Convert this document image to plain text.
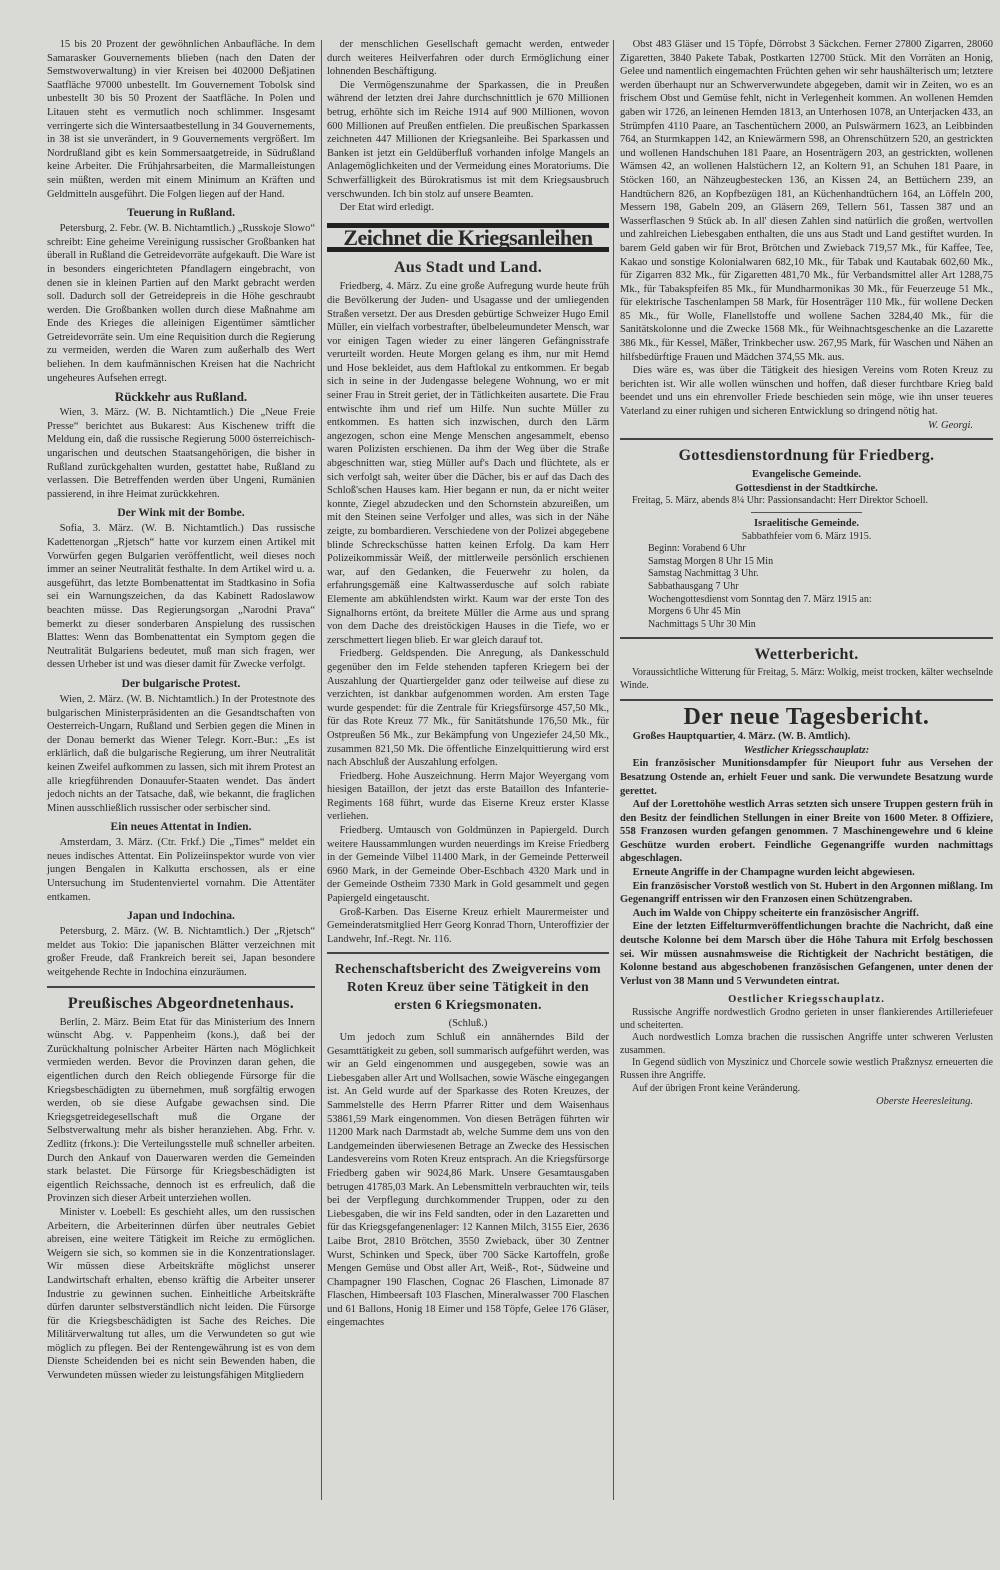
15 bis 20 Prozent der gewöhnlichen Anbaufläche. In dem Samarasker Gouvernements blieben (nach den Daten der Semstwoverwaltung) in vier Kreisen bei 402000 Deßjatinen Saatfläche 97000 unbestellt. Im Gouvernement Tobolsk sind unbestellt 30 bis 50 Prozent der Saatfläche. In Polen und Litauen steht es vermutlich noch schlimmer. Insgesamt verringerte sich die Wintersaatbestellung in 34 Gouvernements, in 38 ist sie unverändert, in 9 Gouvernements vergrößert. Im Nordrußland gibt es kein Sommersaatgetreide, in Südrußland keine Arbeiter. Die Frühjahrsarbeiten, die Marmalleistungen sein müßten, werden mit einem Minimum an Kräften und Geldmitteln ausgeführt. Die Folgen liegen auf der Hand.

Teuerung in Rußland.

Petersburg, 2. Febr. (W. B. Nichtamtlich.) „Russkoje Slowo“ schreibt: Eine geheime Vereinigung russischer Großbanken hat überall in Rußland die Getreidevorräte aufgekauft. Die Ware ist in besonders eingerichteten Pfandlagern eingebracht, von denen sie in kleinen Partien auf den Markt gebracht werden soll. Dadurch soll der Getreidepreis in die Höhe geschraubt werden. Die Großbanken wollen durch diese Maßnahme am Ende des Krieges die alleinigen Eigentümer sämtlicher Getreidevorräte sein. Um eine Requisition durch die Regierung zu vermeiden, werden die Waren zum außerhalb des Wert beliehen. In dem kaufmännischen Kreisen hat die Nachricht ungeheures Aufsehen erregt.

Rückkehr aus Rußland.

Wien, 3. März. (W. B. Nichtamtlich.) Die „Neue Freie Presse“ berichtet aus Bukarest: Aus Kischenew trifft die Meldung ein, daß die russische Regierung 5000 österreichisch-ungarischen und deutschen Staatsangehörigen, die bisher in Rußland zurückgehalten wurden, gestattet habe, Rußland zu verlassen. Die Betreffenden werden über Ungeni, Rumänien passierend, in ihre Heimat zurückkehren.

Der Wink mit der Bombe.

Sofia, 3. März. (W. B. Nichtamtlich.) Das russische Kadettenorgan „Rjetsch“ hatte vor kurzem einen Artikel mit Vorwürfen gegen Bulgarien veröffentlicht, weil dieses noch immer an seiner Neutralität festhalte. In dem Artikel wird u. a. ausgeführt, das letzte Bombenattentat im Stadtkasino in Sofia sei ein Warnungszeichen, da das Kabinett Radoslawow beachten müsse. Das Regierungsorgan „Narodni Prava“ bemerkt zu dieser sonderbaren Anspielung des russischen Blattes: Wenn das Bombenattentat ein Symptom gegen die Neutralität Bulgariens bedeutet, muß man sich fragen, wer dessen Urheber ist und was dieser damit für Zwecke verfolgt.

Der bulgarische Protest.

Wien, 2. März. (W. B. Nichtamtlich.) In der Protestnote des bulgarischen Ministerpräsidenten an die Gesandtschaften von Oesterreich-Ungarn, Rußland und Serbien gegen die Minen in der Donau bemerkt das Wiener Telegr. Korr.-Bur.: „Es ist erklärlich, daß die bulgarische Regierung, um ihrer Neutralität keinen Zweifel aufkommen zu lassen, sich mit ihrem Protest an alle kriegführenden Donauufer-Staaten wendet. Das ändert jedoch nichts an der Tatsache, daß, wie bekannt, die fraglichen Minen ausschließlich russischer oder serbischer sind.

Ein neues Attentat in Indien.

Amsterdam, 3. März. (Ctr. Frkf.) Die „Times“ meldet ein neues indisches Attentat. Ein Polizeiinspektor wurde von vier jungen Bengalen in Kalkutta erschossen, als er eine Untersuchung im Studentenviertel vornahm. Die Attentäter entkamen.

Japan und Indochina.

Petersburg, 2. März. (W. B. Nichtamtlich.) Der „Rjetsch“ meldet aus Tokio: Die japanischen Blätter verzeichnen mit großer Freude, daß Frankreich bereit sei, Japan besondere weitgehende Rechte in Indochina einzuräumen.

Preußisches Abgeordnetenhaus.

Berlin, 2. März. Beim Etat für das Ministerium des Innern wünscht Abg. v. Pappenheim (kons.), daß bei der Zurückhaltung polnischer Arbeiter Härten nach Möglichkeit vermieden werden. Bevor die Provinzen daran gehen, die eigentlichen durch den Reich obliegende Fürsorge für die Kriegsbeschädigten zu übernehmen, muß sorgfältig erwogen werden, ob sie diese Aufgabe gewachsen sind. Die Kriegsgetreidegesellschaft muß die Organe der Selbstverwaltung mehr als bisher heranziehen. Abg. Frhr. v. Zedlitz (frkons.): Die Verteilungsstelle muß schneller arbeiten. Durch den Ankauf von Dauerwaren werden die Gemeinden stark belastet. Die Fürsorge für Kriegsbeschädigten ist eigentlich Reichssache, dennoch ist es erfreulich, daß die Provinzen sich dieser Arbeit unterziehen wollen.

Minister v. Loebell: Es geschieht alles, um den russischen Arbeitern, die Arbeiterinnen dürfen über neutrales Gebiet abreisen, eine weitere Tätigkeit im Reiche zu ermöglichen. Weigern sie sich, so kommen sie in die Konzentrationslager. Wir müssen diese Arbeitskräfte möglichst unserer Landwirtschaft erhalten, ebenso kräftig die Arbeiter unserer Industrie zu gewinnen suchen. Einheitliche Arbeitskräfte dürfen darunter selbstverständlich nicht leiden. Die Fürsorge für die Kriegsbeschädigten ist Sache des Reiches. Die Militärverwaltung tut alles, um die Verwundeten so gut wie möglich zu pflegen. Bei der Rentengewährung ist es von dem Dienste Scheidenden bei es nicht sein Bewenden haben, die Verwundeten müssen wieder zu leistungsfähigen Mitgliedern

der menschlichen Gesellschaft gemacht werden, entweder durch weiteres Heilverfahren oder durch Ermöglichung einer lohnenden Beschäftigung.

Die Vermögenszunahme der Sparkassen, die in Preußen während der letzten drei Jahre durchschnittlich je 670 Millionen betrug, erhöhte sich im Reiche 1914 auf 900 Millionen, wovon 600 Millionen auf Preußen entfielen. Die preußischen Sparkassen zeichneten 447 Millionen der Kriegsanleihe. Bei Sparkassen und Banken ist jetzt ein Geldüberfluß vorhanden infolge Mangels an Anlagemöglichkeiten und der Vermeidung eines Moratoriums. Die Schwerfälligkeit des Bürokratismus ist mit dem Kriegsausbruch verschwunden. Ich bin stolz auf unsere Beamten.

Der Etat wird erledigt.

Zeichnet die Kriegsanleihen
Aus Stadt und Land.

Friedberg, 4. März. Zu eine große Aufregung wurde heute früh die Bevölkerung der Juden- und Usagasse und der umliegenden Straßen versetzt. Der aus Dresden gebürtige Schweizer Hugo Emil Müller, ein vielfach vorbestrafter, übelbeleumundeter Mensch, war vor einigen Tagen wieder zu einer längeren Gefängnisstrafe verurteilt worden. Heute Morgen gelang es ihm, nur mit Hemd und Hose bekleidet, aus dem Haftlokal zu entkommen. Er begab sich in seine in der Judengasse belegene Wohnung, wo er mit seiner Frau in Streit geriet, der in Tätlichkeiten ausartete. Die Frau entwischte ihm und rief um Hilfe. Nun suchte Müller zu entkommen. Es hatten sich inzwischen, durch den Lärm angezogen, schon eine Menge Menschen angesammelt, ebenso waren Polizisten erschienen. Da ihm der Weg über die Straße abgeschnitten war, stieg Müller auf's Dach und flüchtete, als er sich verfolgt sah, weiter über die Dächer, bis er auf das Dach des Schloß'schen Hauses kam. Hier begann er nun, da er nicht weiter konnte, Ziegel abzudecken und den Schornstein abzureißen, um mit den Steinen seine Verfolger und alles, was sich in der Nähe zeigte, zu bombardieren. Verschiedene von der Polizei abgegebene blinde Schreckschüsse hatten keinen Erfolg. Da kam Herr Polizeikommissär Weiß, der mittlerweile persönlich erschienen war, auf den Gedanken, die Feuerwehr zu holen, da erfahrungsgemäß eine Kaltwasserdusche auf solch rabiate Elemente am abkühlendsten wirkt. Kaum war der erste Ton des Signalhorns ertönt, da breitete Müller die Arme aus und sprang von dem Dache des dreistöckigen Hauses in die Tiefe, wo er zerschmettert liegen blieb. Er war gleich darauf tot.

Friedberg. Geldspenden. Die Anregung, als Dankesschuld gegenüber den im Felde stehenden tapferen Kriegern bei der Auszahlung der Quartiergelder ganz oder teilweise auf diese zu verzichten, ist dankbar aufgenommen worden. Am ersten Tage wurde gespendet: für die Zentrale für Kriegsfürsorge 457,50 Mk., für das Rote Kreuz 77 Mk., für Sanitätshunde 176,50 Mk., für Ostpreußen 56 Mk., zur Bekämpfung von Ungeziefer 24,50 Mk., zusammen 821,50 Mk. Die öffentliche Einzelquittierung wird erst nach Abschluß der Auszahlung erfolgen.

Friedberg. Hohe Auszeichnung. Herrn Major Weyergang vom hiesigen Bataillon, der jetzt das erste Bataillon des Infanterie-Regiments 168 führt, wurde das Eiserne Kreuz erster Klasse verliehen.

Friedberg. Umtausch von Goldmünzen in Papiergeld. Durch weitere Haussammlungen wurden neuerdings im Kreise Friedberg in der Gemeinde Vilbel 11400 Mark, in der Gemeinde Petterweil 6960 Mark, in der Gemeinde Ober-Eschbach 4320 Mark und in der Gemeinde Ostheim 7330 Mark in Gold gesammelt und gegen Papiergeld eingetauscht.

Groß-Karben. Das Eiserne Kreuz erhielt Maurermeister und Gemeinderatsmitglied Herr Georg Konrad Thorn, Unteroffizier der Landwehr, Inf.-Regt. Nr. 116.

Rechenschaftsbericht des Zweigvereins vom Roten Kreuz über seine Tätigkeit in den ersten 6 Kriegsmonaten.
(Schluß.)

Um jedoch zum Schluß ein annäherndes Bild der Gesamttätigkeit zu geben, soll summarisch aufgeführt werden, was wir an Geld eingenommen und ausgegeben, sowie was an Liebesgaben aller Art und Wollsachen, sowie Wäsche eingegangen ist. An Geld wurde auf der Sparkasse des Roten Kreuzes, der Sammelstelle des Herrn Pfarrer Ritter und dem Waisenhaus 53861,59 Mark eingenommen. Von diesen Beträgen führten wir 11200 Mark nach Darmstadt ab, welche Summe dem uns von den Landgemeinden überwiesenen Betrage an Zwecke des Hessischen Landesvereins vom Roten Kreuz entsprach. An die Kriegsfürsorge Friedberg gaben wir 9024,86 Mark. Unsere Gesamtausgaben betrugen 41785,03 Mark. An Lebensmitteln verbrauchten wir, teils bei der Verpflegung durchkommender Truppen, oder zu den Liebesgaben, die wir ins Feld sandten, oder in den Lazaretten und für das Kriegsgefangenenlager: 12 Kannen Milch, 3155 Eier, 2636 Laibe Brot, 2810 Brötchen, 3550 Zwieback, über 30 Zentner Wurst, Schinken und Speck, über 700 Säcke Kartoffeln, große Mengen Gemüse und Obst aller Art, Weiß-, Rot-, Südweine und Champagner 190 Flaschen, Cognac 26 Flaschen, Limonade 87 Flaschen, Himbeersaft 103 Flaschen, Mineralwasser 700 Flaschen und 61 Ballons, Honig 18 Eimer und 158 Töpfe, Gelee 176 Gläser, eingemachtes

Obst 483 Gläser und 15 Töpfe, Dörrobst 3 Säckchen. Ferner 27800 Zigarren, 28060 Zigaretten, 3840 Pakete Tabak, Postkarten 12700 Stück. Mit den Vorräten an Honig, Gelee und namentlich eingemachten Früchten gehen wir sehr haushälterisch um; letztere werden überhaupt nur an Schwerverwundete abgegeben, damit wir in Zeiten, wo es an frischem Obst und Gemüse fehlt, nicht in Verlegenheit kommen. An wollenen Hemden gaben wir 1726, an leinenen Hemden 1813, an Unterhosen 1078, an Unterjacken 433, an Strümpfen 4110 Paare, an Taschentüchern 2000, an Pulswärmern 1623, an Leibbinden 764, an Sturmkappen 142, an Kniewärmern 598, an Ohrenschützern 520, an gestrickten und wollenen Handschuhen 181 Paare, an Hosenträgern 203, an gestrickten, wollenen Wämsen 42, an wollenen Halstüchern 12, an Koltern 91, an Schuhen 181 Paare, in Stöcken 160, an Nähzeugbestecken 136, an Kissen 24, an Bettüchern 239, an Handtüchern 826, an Kopfbezügen 181, an Küchenhandtüchern 164, an Löffeln 200, Messern 198, Gabeln 209, an Gläsern 269, Tellern 561, Tassen 387 und an Wasserflaschen 9 Stück ab. In all' diesen Zahlen sind natürlich die großen, wertvollen und zahlreichen Liebesgaben enthalten, die uns aus Stadt und Land gestiftet wurden. In barem Geld gaben wir für Brot, Brötchen und Zwieback 719,57 Mk., für Kaffee, Tee, Kakao und sonstige Kolonialwaren 682,10 Mk., für Tabak und Kautabak 602,60 Mk., für Zigarren 832 Mk., für Zigaretten 481,70 Mk., für Verbandsmittel aller Art 1288,75 Mk., für Tabakspfeifen 85 Mk., für Mundharmonikas 30 Mk., für Feuerzeuge 51 Mk., für elektrische Taschenlampen 58 Mark, für Hosenträger 110 Mk., für wollene Decken 85 Mk., für Wolle, Flanellstoffe und wollene Sachen 3284,40 Mk., für die Sanitätskolonne und die Zwecke 1568 Mk., für Weihnachtsgeschenke an die Lazarette 386 Mk., für Kessel, Mäßer, Trinkbecher usw. 267,95 Mark, für Waschen und Nähen an hilfsbedürftige Frauen und Mädchen 374,55 Mk. aus.

Dies wäre es, was über die Tätigkeit des hiesigen Vereins vom Roten Kreuz zu berichten ist. Wir alle wollen wünschen und hoffen, daß dieser furchtbare Krieg bald beendet und uns ein ehrenvoller Friede beschieden sein möge, wie ihn unser teueres Vaterland zu einer ruhigen und sicheren Entwicklung so dringend nötig hat.

W. Georgi.
Gottesdienstordnung für Friedberg.
Evangelische Gemeinde.
Gottesdienst in der Stadtkirche.

Freitag, 5. März, abends 8¼ Uhr: Passionsandacht: Herr Direktor Schoell.

Israelitische Gemeinde.
Sabbathfeier vom 6. März 1915.
Beginn: Vorabend 6 Uhr
Samstag Morgen 8 Uhr 15 Min
Samstag Nachmittag 3 Uhr.
Sabbathausgang 7 Uhr
Wochengottesdienst vom Sonntag den 7. März 1915 an:
Morgens 6 Uhr 45 Min
Nachmittags 5 Uhr 30 Min
Wetterbericht.

Voraussichtliche Witterung für Freitag, 5. März: Wolkig, meist trocken, kälter wechselnde Winde.

Der neue Tagesbericht.

Großes Hauptquartier, 4. März. (W. B. Amtlich).

Westlicher Kriegsschauplatz:

Ein französischer Munitionsdampfer für Nieuport fuhr aus Versehen der Besatzung Ostende an, erhielt Feuer und sank. Die verwundete Besatzung wurde gerettet.

Auf der Lorettohöhe westlich Arras setzten sich unsere Truppen gestern früh in den Besitz der feindlichen Stellungen in einer Breite von 1600 Meter. 8 Offiziere, 558 Franzosen wurden gefangen genommen. 7 Maschinengewehre und 6 kleine Geschütze wurden erobert. Feindliche Gegenangriffe wurden nachmittags abgeschlagen.

Erneute Angriffe in der Champagne wurden leicht abgewiesen.

Ein französischer Vorstoß westlich von St. Hubert in den Argonnen mißlang. Im Gegenangriff entrissen wir den Franzosen einen Schützengraben.

Auch im Walde von Chippy scheiterte ein französischer Angriff.

Eine der letzten Eiffelturmveröffentlichungen brachte die Nachricht, daß eine deutsche Kolonne bei dem Marsch über die Höhe Tahura mit Erfolg beschossen sei. Wir müssen ausnahmsweise die Richtigkeit der Nachricht bestätigen, die Kolonne bestand aus abgeschobenen französischen Gefangenen, unter denen der Verlust von 38 Mann und 5 Verwundeten eintrat.

Oestlicher Kriegsschauplatz.

Russische Angriffe nordwestlich Grodno gerieten in unser flankierendes Artilleriefeuer und scheiterten.

Auch nordwestlich Lomza brachen die russischen Angriffe unter schweren Verlusten zusammen.

In Gegend südlich von Myszinicz und Chorcele sowie westlich Praßznysz erneuerten die Russen ihre Angriffe.

Auf der übrigen Front keine Veränderung.

Oberste Heeresleitung.
